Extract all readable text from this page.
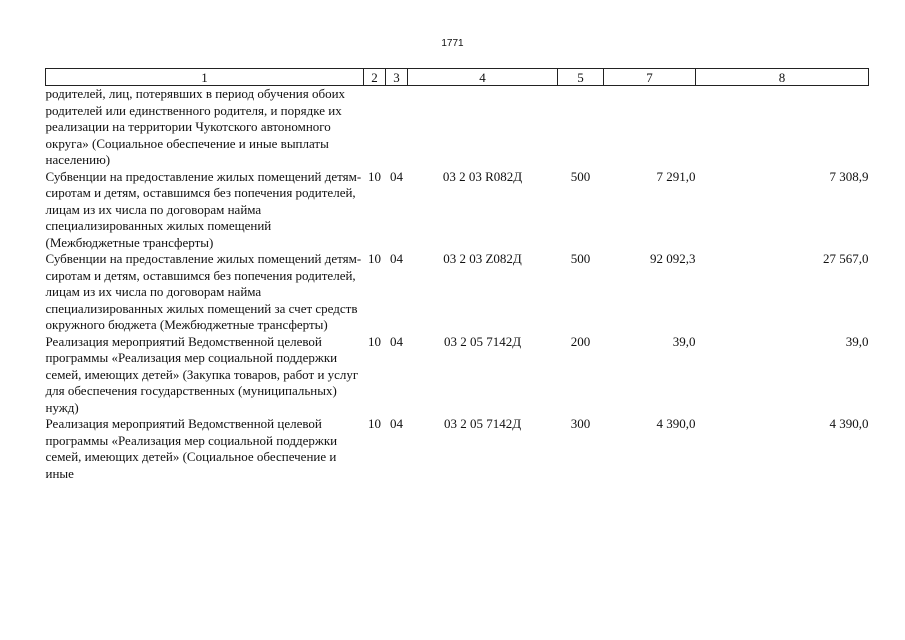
1771
1	2	3	4	5	7	8
родителей, лиц, потерявших в период обучения обоих родителей или единственного родителя, и порядке их реализации на территории Чукотского автономного округа» (Социальное обеспечение и иные выплаты населению)						
Субвенции на предоставление жилых помещений детям-сиротам и детям, оставшимся без попечения родителей, лицам из их числа по договорам найма специализированных жилых помещений (Межбюджетные трансферты)	10	04	03 2 03 R082Д	500	7 291,0	7 308,9
Субвенции на предоставление жилых помещений детям-сиротам и детям, оставшимся без попечения родителей, лицам из их числа по договорам найма специализированных жилых помещений за счет средств окружного бюджета (Межбюджетные трансферты)	10	04	03 2 03 Z082Д	500	92 092,3	27 567,0
Реализация мероприятий Ведомственной целевой программы «Реализация мер социальной поддержки семей, имеющих детей» (Закупка товаров, работ и услуг для обеспечения государственных (муниципальных) нужд)	10	04	03 2 05 7142Д	200	39,0	39,0
Реализация мероприятий Ведомственной целевой программы «Реализация мер социальной поддержки семей, имеющих детей» (Социальное обеспечение и иные	10	04	03 2 05 7142Д	300	4 390,0	4 390,0
